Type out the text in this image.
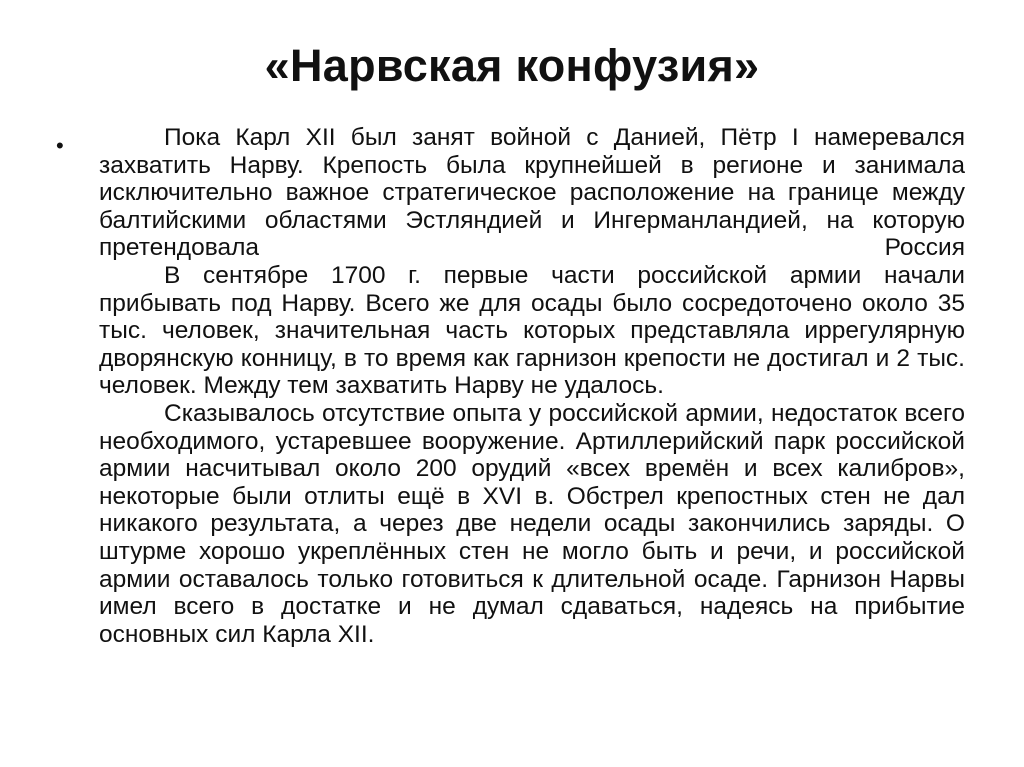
«Нарвская конфузия»
•	Пока Карл XII был занят войной с Данией, Пётр I намеревался захватить Нарву. Крепость была крупнейшей в регионе и занимала исключительно важное стратегическое расположение на границе между балтийскими областями Эстляндией и Ингерманландией, на которую претендовала Россия

В сентябре 1700 г. первые части российской армии начали прибывать под Нарву. Всего же для осады было сосредоточено около 35 тыс. человек, значительная часть которых представляла иррегулярную дворянскую конницу, в то время как гарнизон крепости не достигал и 2 тыс. человек. Между тем захватить Нарву не удалось.

Сказывалось отсутствие опыта у российской армии, недостаток всего необходимого, устаревшее вооружение. Артиллерийский парк российской армии насчитывал около 200 орудий «всех времён и всех калибров», некоторые были отлиты ещё в XVI в. Обстрел крепостных стен не дал никакого результата, а через две недели осады закончились заряды. О штурме хорошо укреплённых стен не могло быть и речи, и российской армии оставалось только готовиться к длительной осаде. Гарнизон Нарвы имел всего в достатке и не думал сдаваться, надеясь на прибытие основных сил Карла XII.
